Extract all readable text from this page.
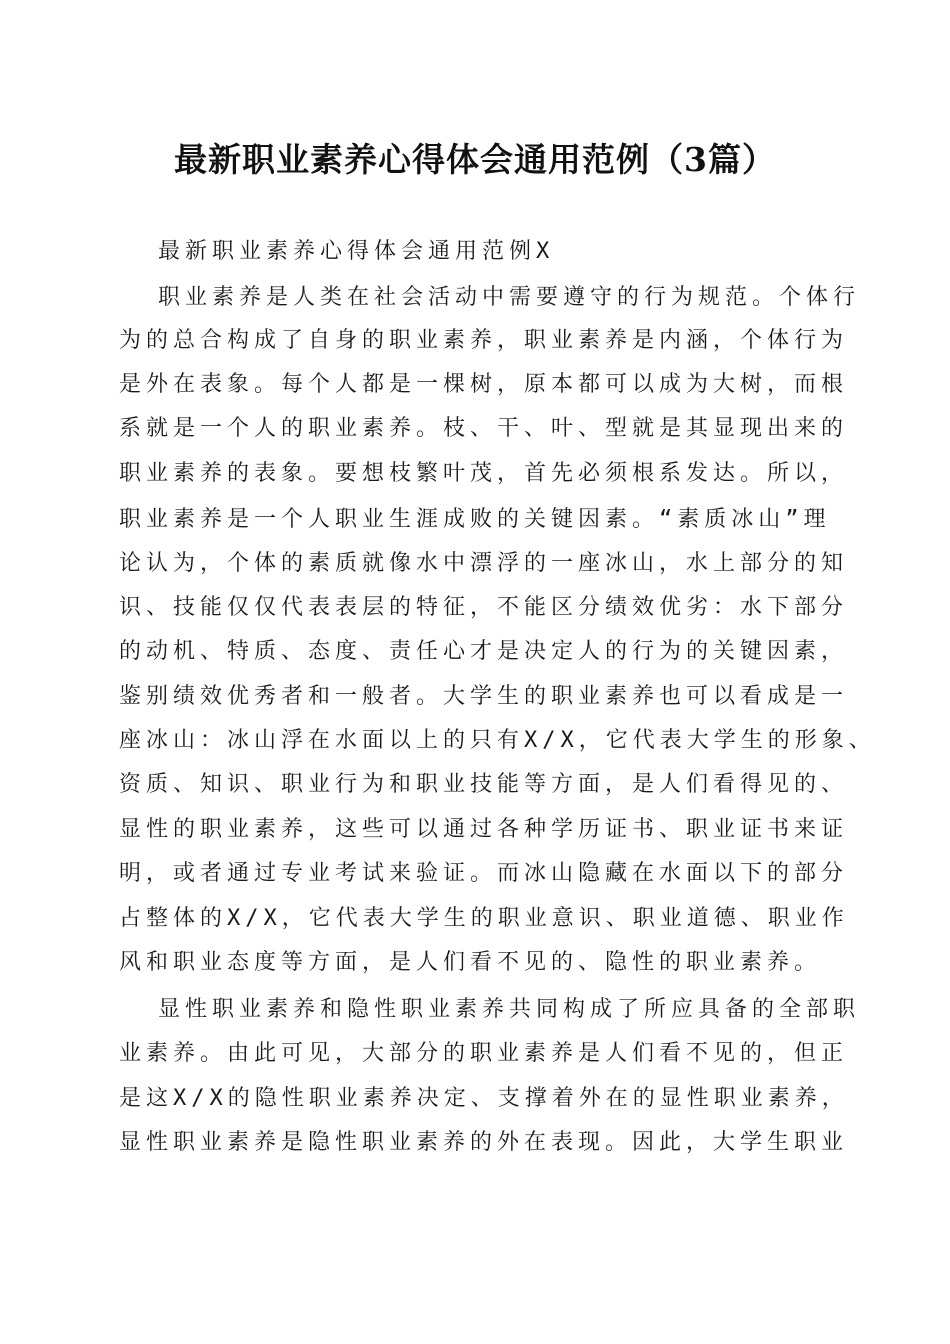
最新职业素养心得体会通用范例（3篇）
最新职业素养心得体会通用范例X
职业素养是人类在社会活动中需要遵守的行为规范。个体行
为的总合构成了自身的职业素养，职业素养是内涵，个体行为
是外在表象。每个人都是一棵树，原本都可以成为大树，而根
系就是一个人的职业素养。枝、干、叶、型就是其显现出来的
职业素养的表象。要想枝繁叶茂，首先必须根系发达。所以，
职业素养是一个人职业生涯成败的关键因素。“素质冰山”理
论认为，个体的素质就像水中漂浮的一座冰山，水上部分的知
识、技能仅仅代表表层的特征，不能区分绩效优劣：水下部分
的动机、特质、态度、责任心才是决定人的行为的关键因素，
鉴别绩效优秀者和一般者。大学生的职业素养也可以看成是一
座冰山：冰山浮在水面以上的只有X/X，它代表大学生的形象、
资质、知识、职业行为和职业技能等方面，是人们看得见的、
显性的职业素养，这些可以通过各种学历证书、职业证书来证
明，或者通过专业考试来验证。而冰山隐藏在水面以下的部分
占整体的X/X，它代表大学生的职业意识、职业道德、职业作
风和职业态度等方面，是人们看不见的、隐性的职业素养。
显性职业素养和隐性职业素养共同构成了所应具备的全部职
业素养。由此可见，大部分的职业素养是人们看不见的，但正
是这X/X的隐性职业素养决定、支撑着外在的显性职业素养，
显性职业素养是隐性职业素养的外在表现。因此，大学生职业
